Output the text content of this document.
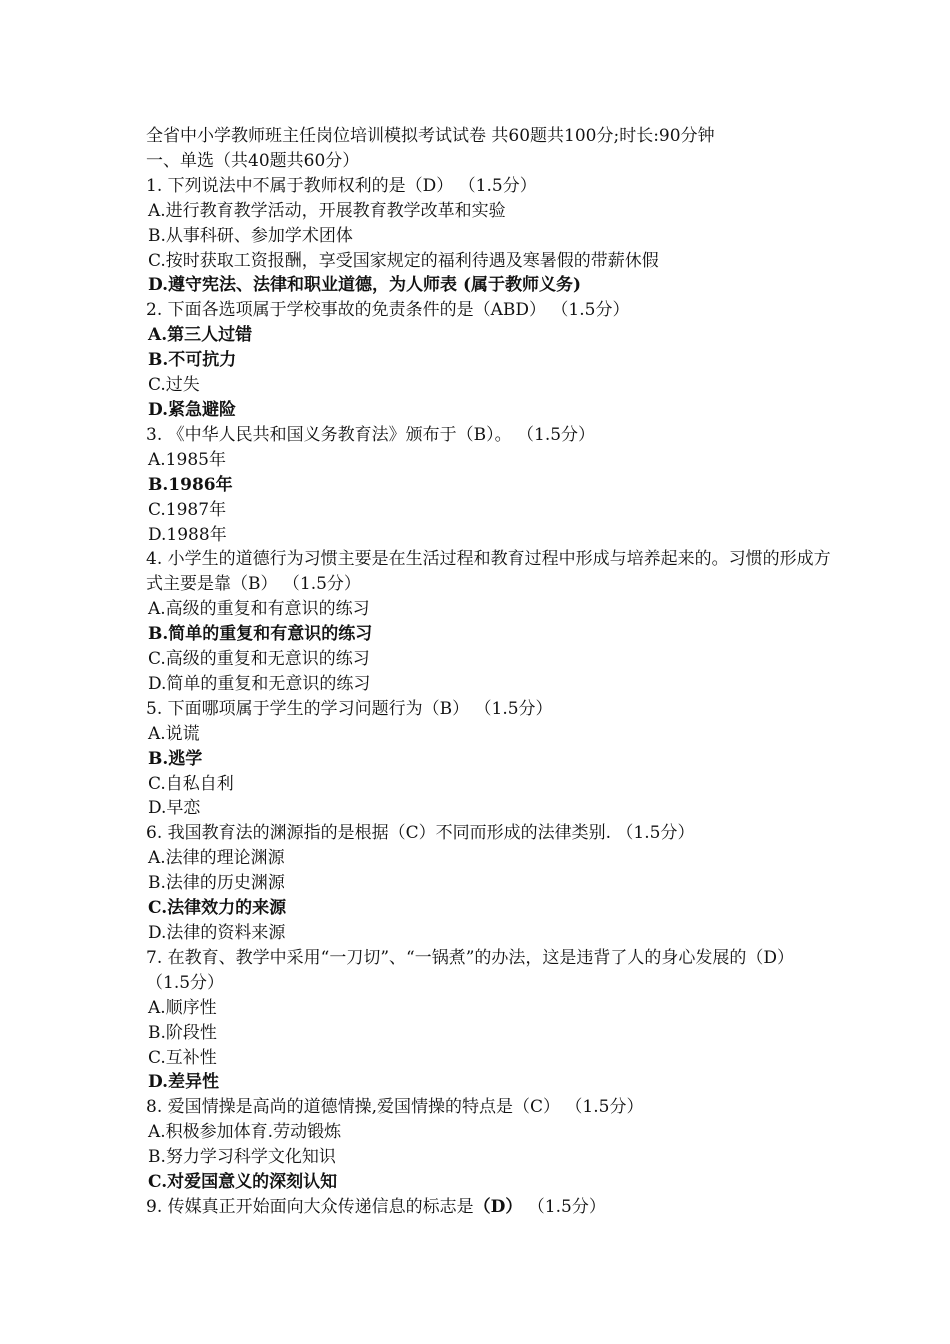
全省中小学教师班主任岗位培训模拟考试试卷 共60题共100分;时长:90分钟
一、单选（共40题共60分）
1. 下列说法中不属于教师权利的是（D） （1.5分）
A.进行教育教学活动，开展教育教学改革和实验
B.从事科研、参加学术团体
C.按时获取工资报酬，享受国家规定的福利待遇及寒暑假的带薪休假
D.遵守宪法、法律和职业道德，为人师表 (属于教师义务)
2. 下面各选项属于学校事故的免责条件的是（ABD） （1.5分）
A.第三人过错
B.不可抗力
C.过失
D.紧急避险
3. 《中华人民共和国义务教育法》颁布于（B）。 （1.5分）
A.1985年
B.1986年
C.1987年
D.1988年
4. 小学生的道德行为习惯主要是在生活过程和教育过程中形成与培养起来的。习惯的形成方式主要是靠（B） （1.5分）
A.高级的重复和有意识的练习
B.简单的重复和有意识的练习
C.高级的重复和无意识的练习
D.简单的重复和无意识的练习
5. 下面哪项属于学生的学习问题行为（B） （1.5分）
A.说谎
B.逃学
C.自私自利
D.早恋
6. 我国教育法的渊源指的是根据（C）不同而形成的法律类别. （1.5分）
A.法律的理论渊源
B.法律的历史渊源
C.法律效力的来源
D.法律的资料来源
7. 在教育、教学中采用“一刀切”、“一锅煮”的办法，这是违背了人的身心发展的（D） （1.5分）
A.顺序性
B.阶段性
C.互补性
D.差异性
8. 爱国情操是高尚的道德情操,爱国情操的特点是（C） （1.5分）
A.积极参加体育.劳动锻炼
B.努力学习科学文化知识
C.对爱国意义的深刻认知
9. 传媒真正开始面向大众传递信息的标志是（D） （1.5分）
